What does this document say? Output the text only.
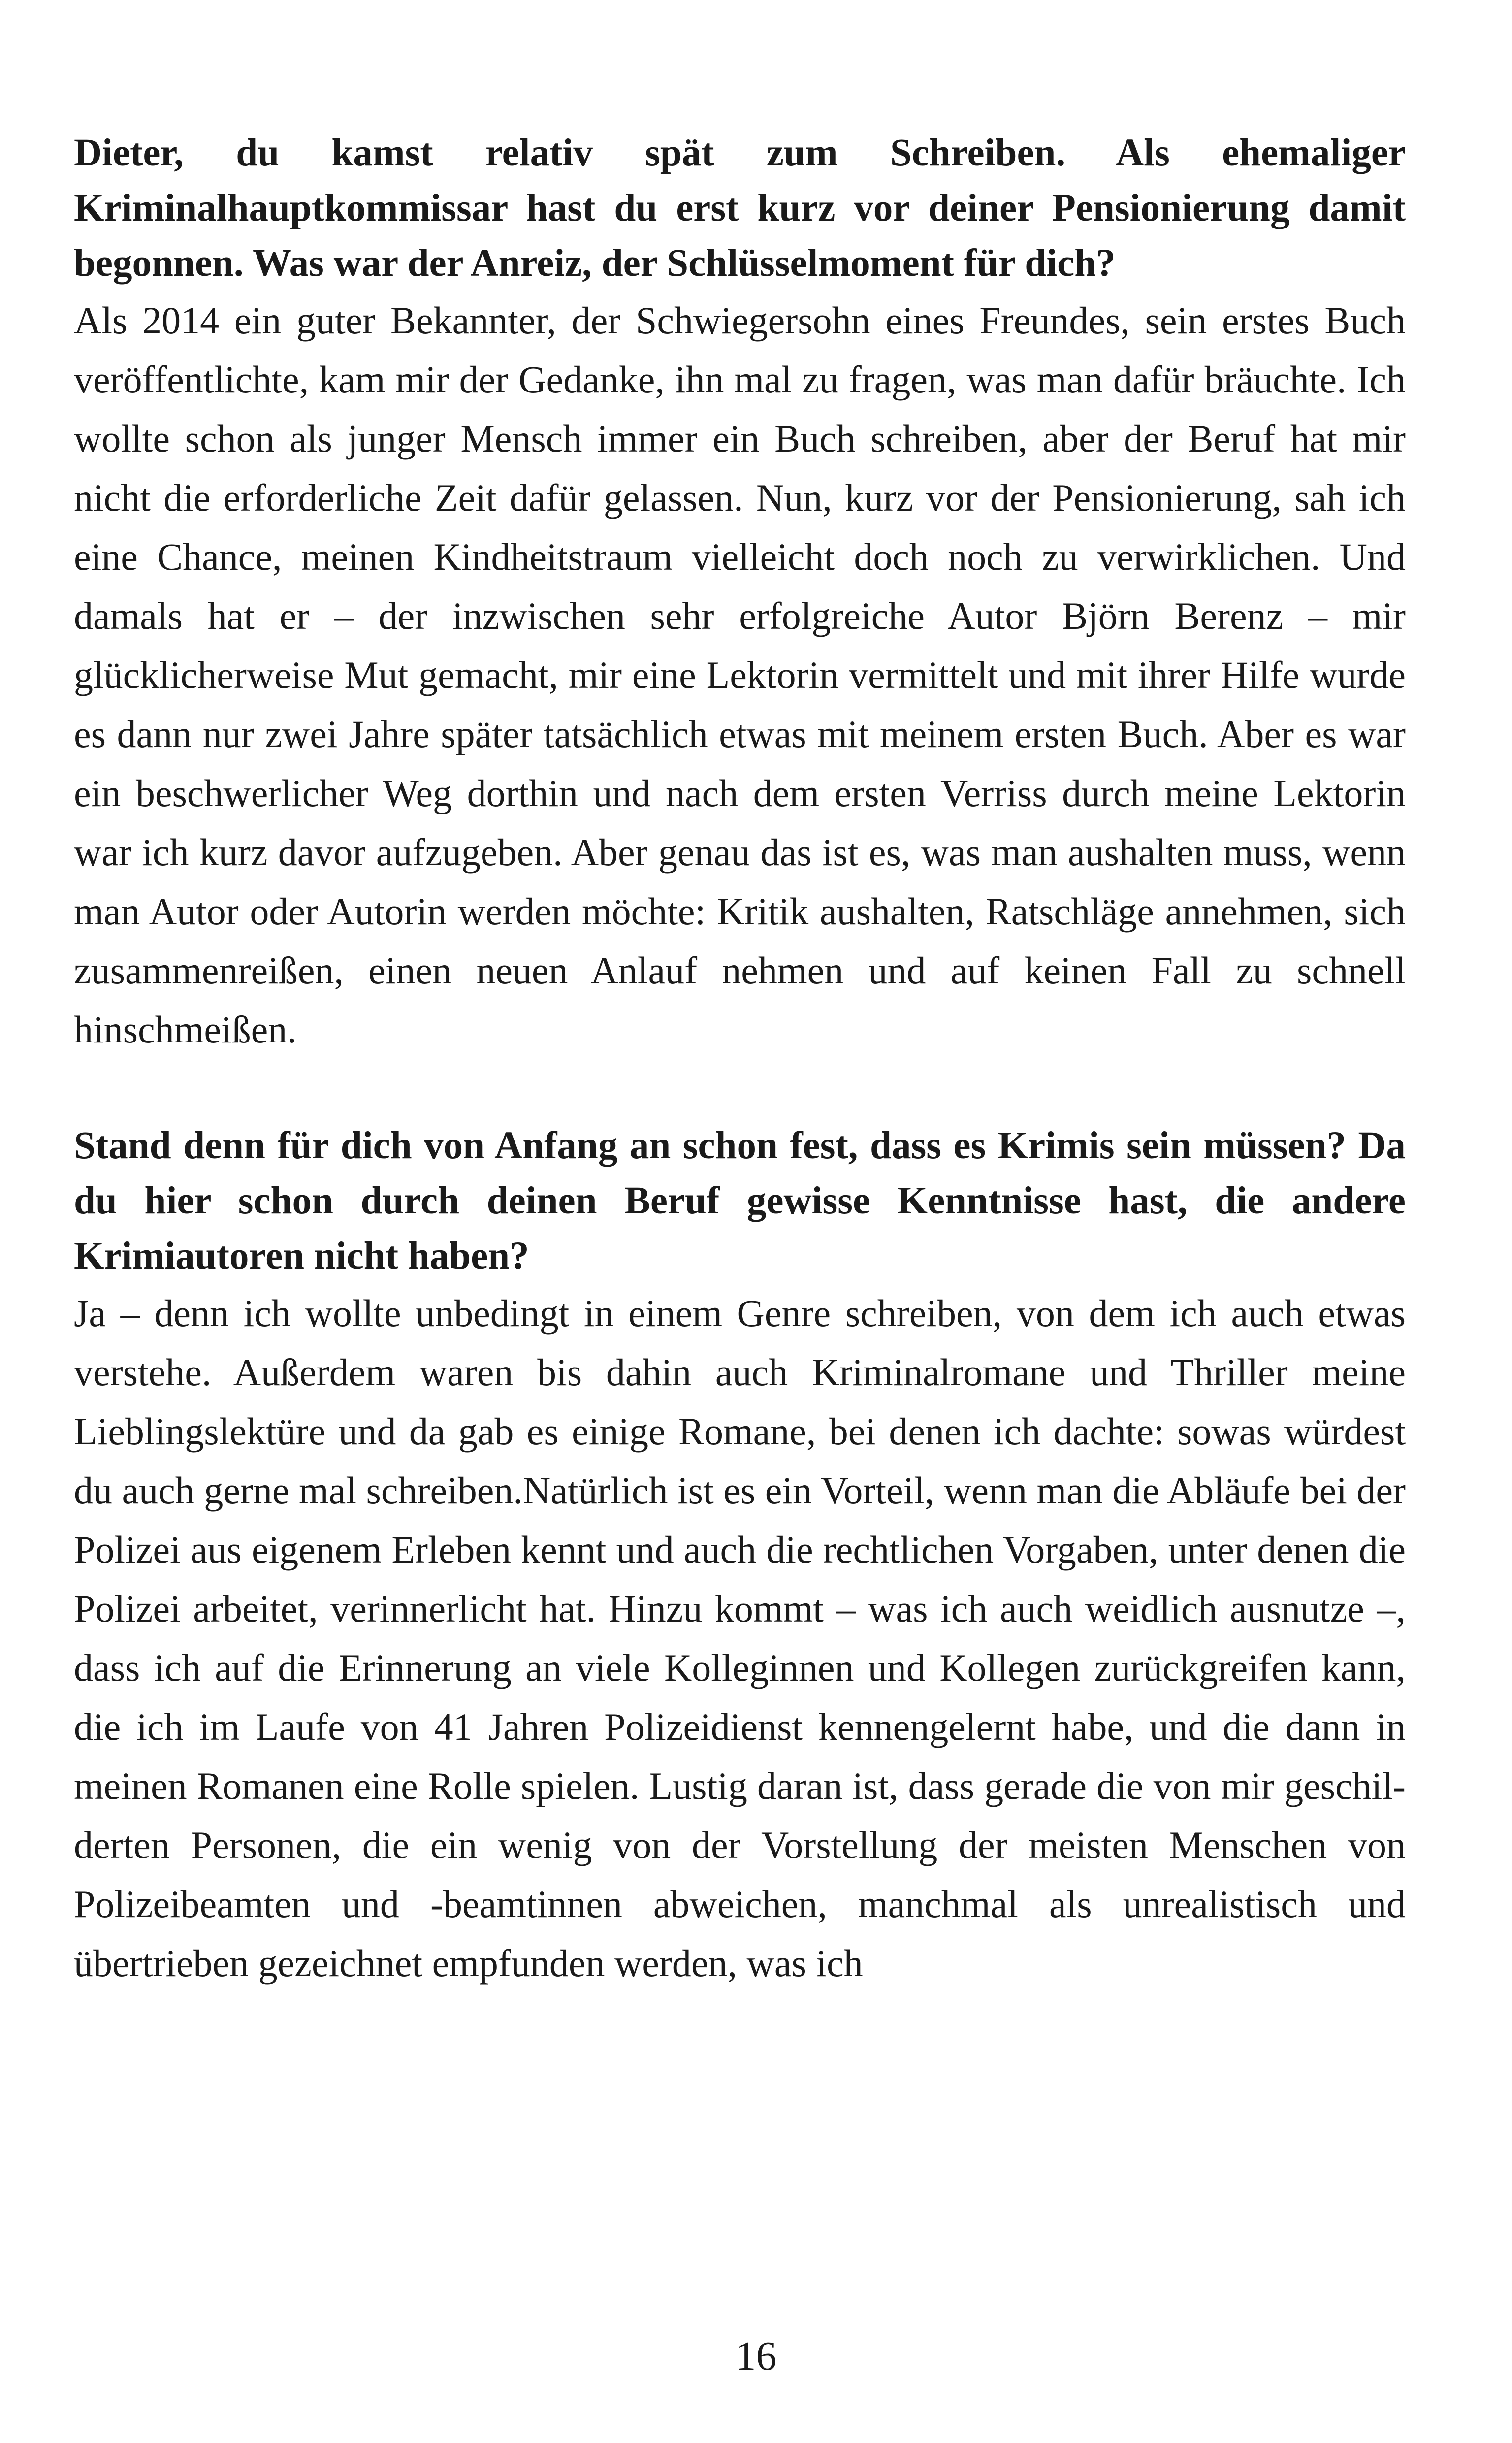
Dieter, du kamst relativ spät zum Schreiben. Als ehemaliger Kriminalhauptkommissar hast du erst kurz vor deiner Pensionierung damit begonnen. Was war der Anreiz, der Schlüsselmoment für dich?

Als 2014 ein guter Bekannter, der Schwiegersohn eines Freundes, sein erstes Buch veröffentlichte, kam mir der Gedanke, ihn mal zu fragen, was man dafür bräuchte. Ich wollte schon als junger Mensch immer ein Buch schreiben, aber der Beruf hat mir nicht die erforderliche Zeit dafür gelassen. Nun, kurz vor der Pensionierung, sah ich eine Chance, meinen Kindheitstraum vielleicht doch noch zu verwirklichen. Und damals hat er – der inzwischen sehr erfolgreiche Autor Björn Berenz – mir glücklicherweise Mut gemacht, mir eine Lektorin vermittelt und mit ihrer Hilfe wurde es dann nur zwei Jahre später tatsächlich etwas mit meinem ersten Buch. Aber es war ein beschwerlicher Weg dorthin und nach dem ersten Verriss durch meine Lektorin war ich kurz davor aufzugeben. Aber genau das ist es, was man aushalten muss, wenn man Autor oder Autorin werden möchte: Kritik aushalten, Ratschläge annehmen, sich zusammenreißen, einen neuen Anlauf nehmen und auf keinen Fall zu schnell hinschmeißen.

Stand denn für dich von Anfang an schon fest, dass es Krimis sein müssen? Da du hier schon durch deinen Beruf gewisse Kenntnisse hast, die andere Krimiautoren nicht haben?

Ja – denn ich wollte unbedingt in einem Genre schreiben, von dem ich auch etwas verstehe. Außerdem waren bis dahin auch Kriminalromane und Thriller meine Lieblingslektüre und da gab es einige Romane, bei denen ich dachte: sowas würdest du auch gerne mal schreiben.Natürlich ist es ein Vorteil, wenn man die Abläufe bei der Polizei aus eigenem Erleben kennt und auch die rechtlichen Vorgaben, unter denen die Polizei arbeitet, verinnerlicht hat. Hinzu kommt – was ich auch weidlich ausnutze –, dass ich auf die Erinnerung an viele Kolleginnen und Kollegen zurückgreifen kann, die ich im Laufe von 41 Jahren Polizeidienst kennengelernt habe, und die dann in meinen Romanen eine Rolle spielen. Lustig daran ist, dass gerade die von mir geschilderten Personen, die ein wenig von der Vorstellung der meisten Menschen von Polizeibeamten und -beamtinnen abweichen, manchmal als unrealistisch und übertrieben gezeichnet empfunden werden, was ich

16
